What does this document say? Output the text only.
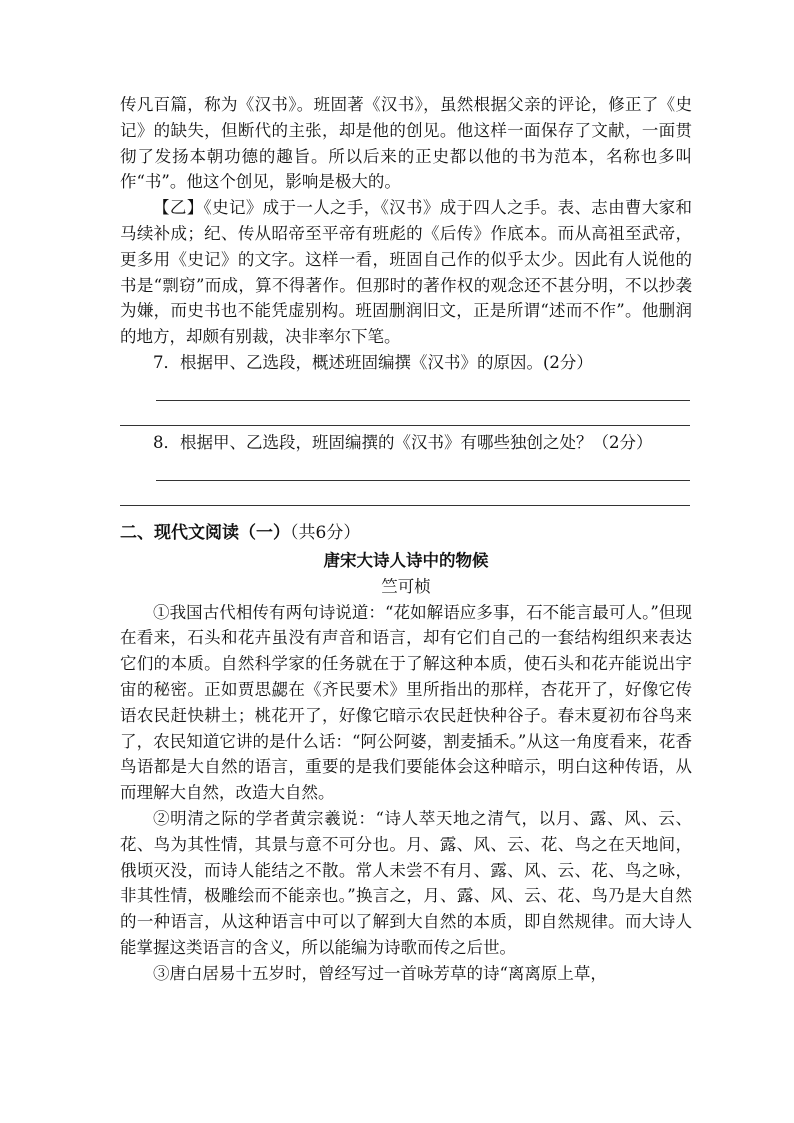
传凡百篇，称为《汉书》。班固著《汉书》，虽然根据父亲的评论，修正了《史记》的缺失，但断代的主张，却是他的创见。他这样一面保存了文献，一面贯彻了发扬本朝功德的趣旨。所以后来的正史都以他的书为范本，名称也多叫作“书”。他这个创见，影响是极大的。

【乙】《史记》成于一人之手，《汉书》成于四人之手。表、志由曹大家和马续补成；纪、传从昭帝至平帝有班彪的《后传》作底本。而从高祖至武帝，更多用《史记》的文字。这样一看，班固自己作的似乎太少。因此有人说他的书是“剽窃”而成，算不得著作。但那时的著作权的观念还不甚分明，不以抄袭为嫌，而史书也不能凭虚别构。班固删润旧文，正是所谓“述而不作”。他删润的地方，却颇有别裁，决非率尔下笔。

7．根据甲、乙选段，概述班固编撰《汉书》的原因。(2分）

8．根据甲、乙选段，班固编撰的《汉书》有哪些独创之处？（2分）

二、现代文阅读（一）（共6分）
唐宋大诗人诗中的物候
竺可桢

①我国古代相传有两句诗说道：“花如解语应多事，石不能言最可人。”但现在看来，石头和花卉虽没有声音和语言，却有它们自己的一套结构组织来表达它们的本质。自然科学家的任务就在于了解这种本质，使石头和花卉能说出宇宙的秘密。正如贾思勰在《齐民要术》里所指出的那样，杏花开了，好像它传语农民赶快耕土；桃花开了，好像它暗示农民赶快种谷子。春末夏初布谷鸟来了，农民知道它讲的是什么话：“阿公阿婆，割麦插禾。”从这一角度看来，花香鸟语都是大自然的语言，重要的是我们要能体会这种暗示，明白这种传语，从而理解大自然，改造大自然。

②明清之际的学者黄宗羲说：“诗人萃天地之清气，以月、露、风、云、花、鸟为其性情，其景与意不可分也。月、露、风、云、花、鸟之在天地间，俄顷灭没，而诗人能结之不散。常人未尝不有月、露、风、云、花、鸟之咏，非其性情，极雕绘而不能亲也。”换言之，月、露、风、云、花、鸟乃是大自然的一种语言，从这种语言中可以了解到大自然的本质，即自然规律。而大诗人能掌握这类语言的含义，所以能编为诗歌而传之后世。

③唐白居易十五岁时，曾经写过一首咏芳草的诗“离离原上草，
